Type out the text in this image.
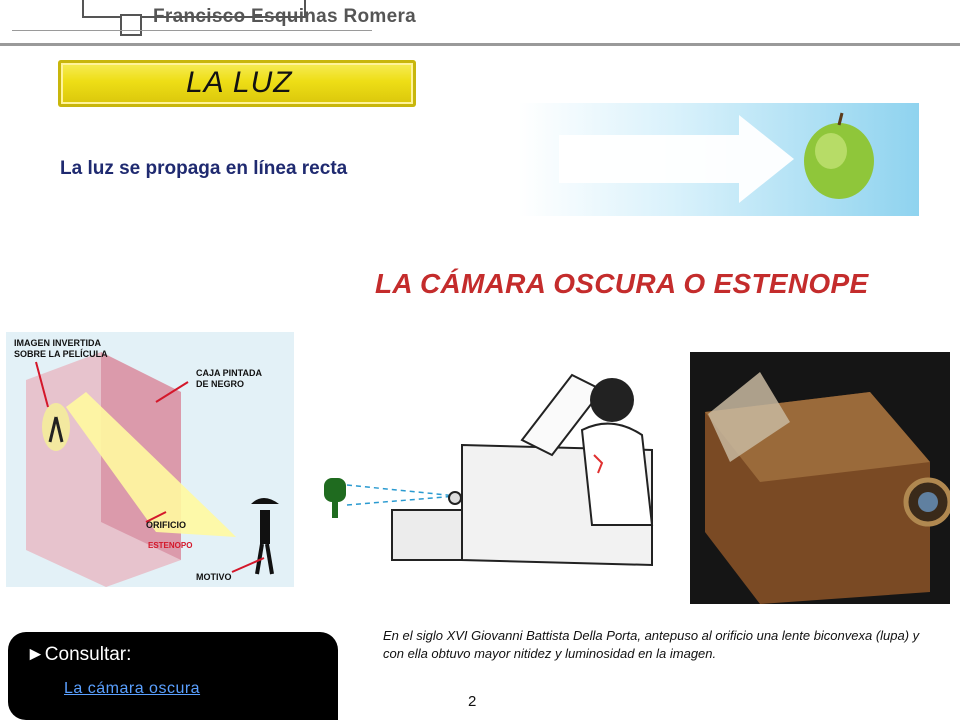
Francisco Esquinas Romera
LA LUZ
La luz se propaga en línea recta
LA CÁMARA OSCURA O ESTENOPE
IMAGEN INVERTIDA
SOBRE LA PELÍCULA
CAJA PINTADA
DE NEGRO
ORIFICIO
ESTENOPO
MOTIVO
En el siglo XVI Giovanni Battista Della Porta, antepuso al orificio una lente biconvexa (lupa) y con ella obtuvo mayor nitidez y luminosidad en la imagen.
2
►Consultar:
La cámara oscura
